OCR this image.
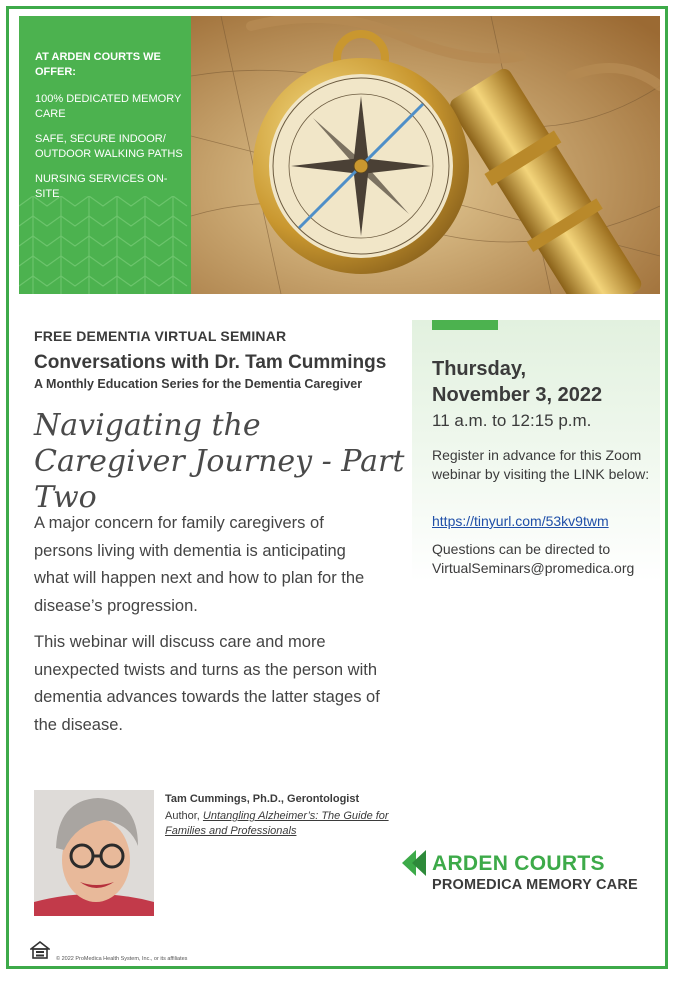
AT ARDEN COURTS WE OFFER:
100% DEDICATED MEMORY CARE
SAFE, SECURE INDOOR/ OUTDOOR WALKING PATHS
NURSING SERVICES ON-SITE
FREE DEMENTIA VIRTUAL SEMINAR
Conversations with Dr. Tam Cummings
A Monthly Education Series for the Dementia Caregiver
Navigating the Caregiver Journey - Part Two
A major concern for family caregivers of persons living with dementia is anticipating what will happen next and how to plan for the disease’s progression.
This webinar will discuss care and more unexpected twists and turns as the person with dementia advances towards the latter stages of the disease.
Thursday,
November 3, 2022
11 a.m. to 12:15 p.m.
Register in advance for this Zoom webinar by visiting the LINK below:
https://tinyurl.com/53kv9twm
Questions can be directed to VirtualSeminars@promedica.org
Tam Cummings, Ph.D., Gerontologist
Author, Untangling Alzheimer’s: The Guide for Families and Professionals
ARDEN COURTS
PROMEDICA MEMORY CARE
© 2022 ProMedica Health System, Inc., or its affiliates
